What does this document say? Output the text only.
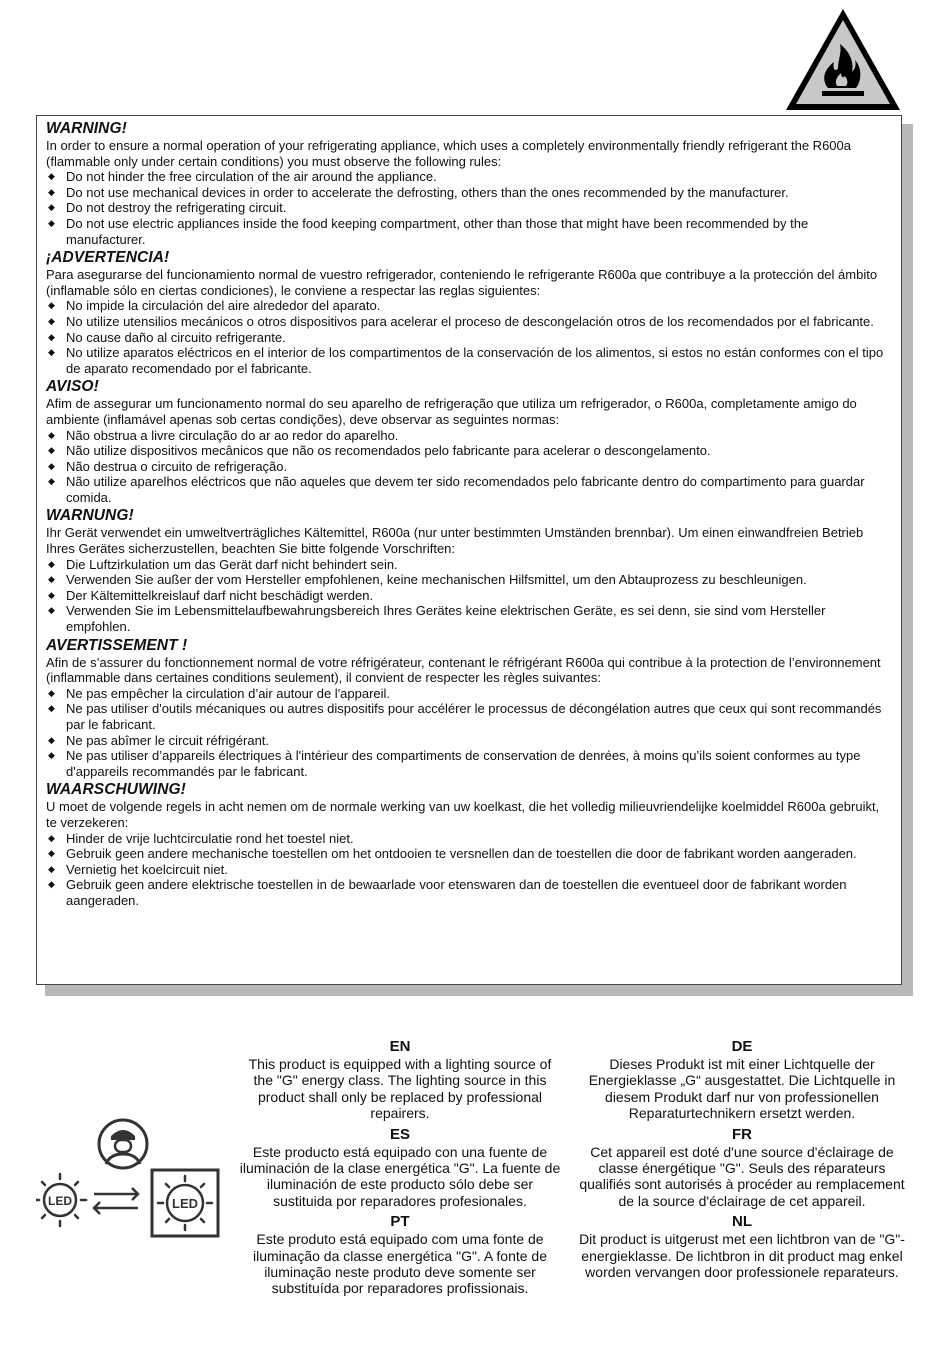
WARNING!
In order to ensure a normal operation of your refrigerating appliance, which uses a completely environmentally friendly refrigerant the R600a (flammable only under certain conditions) you must observe the following rules:
◆ Do not hinder the free circulation of the air around the appliance.
◆ Do not use mechanical devices in order to accelerate the defrosting, others than the ones recommended by the manufacturer.
◆ Do not destroy the refrigerating circuit.
◆ Do not use electric appliances inside the food keeping compartment, other than those that might have been recommended by the manufacturer.
¡ADVERTENCIA!
Para asegurarse del funcionamiento normal de vuestro refrigerador, conteniendo le refrigerante R600a que contribuye a la protección del ámbito (inflamable sólo en ciertas condiciones), le conviene a respectar las reglas siguientes:
◆ No impide la circulación del aire alrededor del aparato.
◆ No utilize utensilios mecánicos o otros dispositivos para acelerar el proceso de descongelación otros de los recomendados por el fabricante.
◆ No cause daño al circuito refrigerante.
◆ No utilize aparatos eléctricos en el interior de los compartimentos de la conservación de los alimentos, si estos no están conformes con el tipo de aparato recomendado por el fabricante.
AVISO!
Afim de assegurar um funcionamento normal do seu aparelho de refrigeração que utiliza um refrigerador, o R600a, completamente amigo do ambiente (inflamável apenas sob certas condições), deve observar as seguintes normas:
◆ Não obstrua a livre circulação do ar ao redor do aparelho.
◆ Não utilize dispositivos mecânicos que não os recomendados pelo fabricante para acelerar o descongelamento.
◆ Não destrua o circuito de refrigeração.
◆ Não utilize aparelhos eléctricos que não aqueles que devem ter sido recomendados pelo fabricante dentro do compartimento para guardar comida.
WARNUNG!
Ihr Gerät verwendet ein umweltverträgliches Kältemittel, R600a (nur unter bestimmten Umständen brennbar). Um einen einwandfreien Betrieb Ihres Gerätes sicherzustellen, beachten Sie bitte folgende Vorschriften:
◆ Die Luftzirkulation um das Gerät darf nicht behindert sein.
◆ Verwenden Sie außer der vom Hersteller empfohlenen, keine mechanischen Hilfsmittel, um den Abtauprozess zu beschleunigen.
◆ Der Kältemittelkreislauf darf nicht beschädigt werden.
◆ Verwenden Sie im Lebensmittelaufbewahrungsbereich Ihres Gerätes keine elektrischen Geräte, es sei denn, sie sind vom Hersteller empfohlen.
AVERTISSEMENT !
Afin de s’assurer du fonctionnement normal de votre réfrigérateur, contenant le réfrigérant R600a qui contribue à la protection de l’environnement (inflammable dans certaines conditions seulement), il convient de respecter les règles suivantes:
◆ Ne pas empêcher la circulation d’air autour de l'appareil.
◆ Ne pas utiliser d'outils mécaniques ou autres dispositifs pour accélérer le processus de décongélation autres que ceux qui sont recommandés par le fabricant.
◆ Ne pas abîmer le circuit réfrigérant.
◆ Ne pas utiliser d’appareils électriques à l'intérieur des compartiments de conservation de denrées, à moins qu’ils soient conformes au type d'appareils recommandés par le fabricant.
WAARSCHUWING!
U moet de volgende regels in acht nemen om de normale werking van uw koelkast, die het volledig milieuvriendelijke koelmiddel R600a gebruikt, te verzekeren:
◆ Hinder de vrije luchtcirculatie rond het toestel niet.
◆ Gebruik geen andere mechanische toestellen om het ontdooien te versnellen dan de toestellen die door de fabrikant worden aangeraden.
◆ Vernietig het koelcircuit niet.
◆ Gebruik geen andere elektrische toestellen in de bewaarlade voor etenswaren dan de toestellen die eventueel door de fabrikant worden aangeraden.
LED	LED
EN
This product is equipped with a lighting source of the "G" energy class. The lighting source in this product shall only be replaced by professional repairers.
ES
Este producto está equipado con una fuente de iluminación de la clase energética "G". La fuente de iluminación de este producto sólo debe ser sustituida por reparadores profesionales.
PT
Este produto está equipado com uma fonte de iluminação da classe energética "G". A fonte de iluminação neste produto deve somente ser substituída por reparadores profissionais.
DE
Dieses Produkt ist mit einer Lichtquelle der Energieklasse „G“ ausgestattet. Die Lichtquelle in diesem Produkt darf nur von professionellen Reparaturtechnikern ersetzt werden.
FR
Cet appareil est doté d'une source d'éclairage de classe énergétique "G". Seuls des réparateurs qualifiés sont autorisés à procéder au remplacement de la source d'éclairage de cet appareil.
NL
Dit product is uitgerust met een lichtbron van de "G"-energieklasse. De lichtbron in dit product mag enkel worden vervangen door professionele reparateurs.
